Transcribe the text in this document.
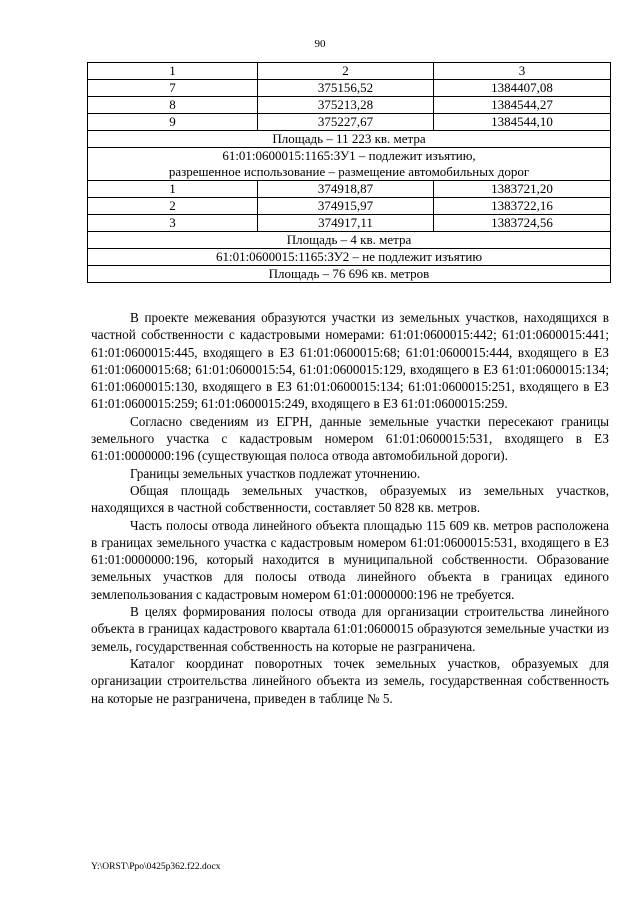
90
1	2	3
7	375156,52	1384407,08
8	375213,28	1384544,27
9	375227,67	1384544,10
Площадь – 11 223 кв. метра		

61:01:0600015:1165:ЗУ1 – подлежит изъятию,
разрешенное использование – размещение автомобильных дорог		

1	374918,87	1383721,20
2	374915,97	1383722,16
3	374917,11	1383724,56
Площадь – 4 кв. метра		
61:01:0600015:1165:ЗУ2 – не подлежит изъятию		
Площадь – 76 696 кв. метров		

В проекте межевания образуются участки из земельных участков, находящихся в частной собственности с кадастровыми номерами: 61:01:0600015:442; 61:01:0600015:441; 61:01:0600015:445, входящего в ЕЗ 61:01:0600015:68; 61:01:0600015:444, входящего в ЕЗ 61:01:0600015:68; 61:01:0600015:54, 61:01:0600015:129, входящего в ЕЗ 61:01:0600015:134; 61:01:0600015:130, входящего в ЕЗ 61:01:0600015:134; 61:01:0600015:251, входящего в ЕЗ 61:01:0600015:259; 61:01:0600015:249, входящего в ЕЗ 61:01:0600015:259.

Согласно сведениям из ЕГРН, данные земельные участки пересекают границы земельного участка с кадастровым номером 61:01:0600015:531, входящего в ЕЗ 61:01:0000000:196 (существующая полоса отвода автомобильной дороги).

Границы земельных участков подлежат уточнению.

Общая площадь земельных участков, образуемых из земельных участков, находящихся в частной собственности, составляет 50 828 кв. метров.

Часть полосы отвода линейного объекта площадью 115 609 кв. метров расположена в границах земельного участка с кадастровым номером 61:01:0600015:531, входящего в ЕЗ 61:01:0000000:196, который находится в муниципальной собственности. Образование земельных участков для полосы отвода линейного объекта в границах единого землепользования с кадастровым номером 61:01:0000000:196 не требуется.

В целях формирования полосы отвода для организации строительства линейного объекта в границах кадастрового квартала 61:01:0600015 образуются земельные участки из земель, государственная собственность на которые не разграничена.

Каталог координат поворотных точек земельных участков, образуемых для организации строительства линейного объекта из земель, государственная собственность на которые не разграничена, приведен в таблице № 5.

Y:\ORST\Ppo\0425p362.f22.docx
